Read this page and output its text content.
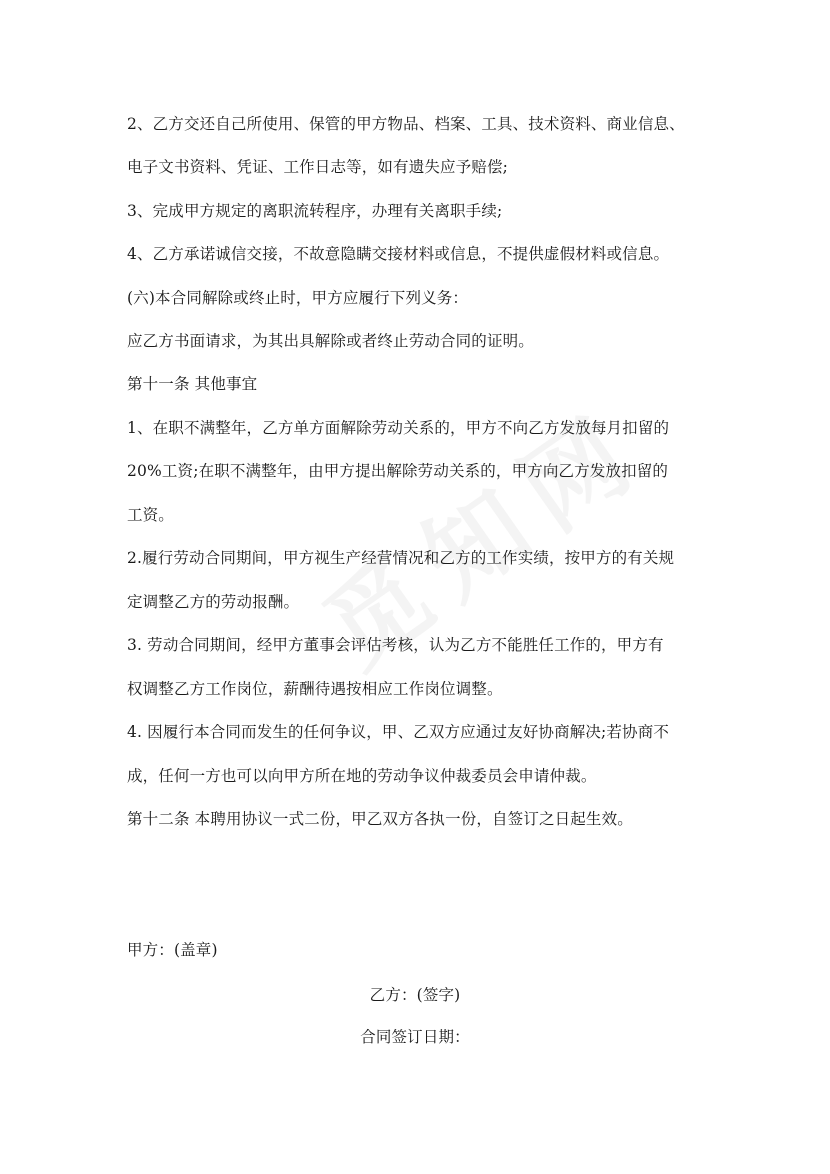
2、乙方交还自己所使用、保管的甲方物品、档案、工具、技术资料、商业信息、

电子文书资料、凭证、工作日志等，如有遗失应予赔偿;

3、完成甲方规定的离职流转程序，办理有关离职手续;

4、乙方承诺诚信交接，不故意隐瞒交接材料或信息，不提供虚假材料或信息。

(六)本合同解除或终止时，甲方应履行下列义务：

应乙方书面请求，为其出具解除或者终止劳动合同的证明。

第十一条 其他事宜

1、在职不满整年，乙方单方面解除劳动关系的，甲方不向乙方发放每月扣留的

20%工资;在职不满整年，由甲方提出解除劳动关系的，甲方向乙方发放扣留的

工资。

2.履行劳动合同期间，甲方视生产经营情况和乙方的工作实绩，按甲方的有关规

定调整乙方的劳动报酬。

3. 劳动合同期间，经甲方董事会评估考核，认为乙方不能胜任工作的，甲方有

权调整乙方工作岗位，薪酬待遇按相应工作岗位调整。

4. 因履行本合同而发生的任何争议，甲、乙双方应通过友好协商解决;若协商不

成，任何一方也可以向甲方所在地的劳动争议仲裁委员会申请仲裁。

第十二条 本聘用协议一式二份，甲乙双方各执一份，自签订之日起生效。

甲方：(盖章)

乙方：(签字)

合同签订日期：
